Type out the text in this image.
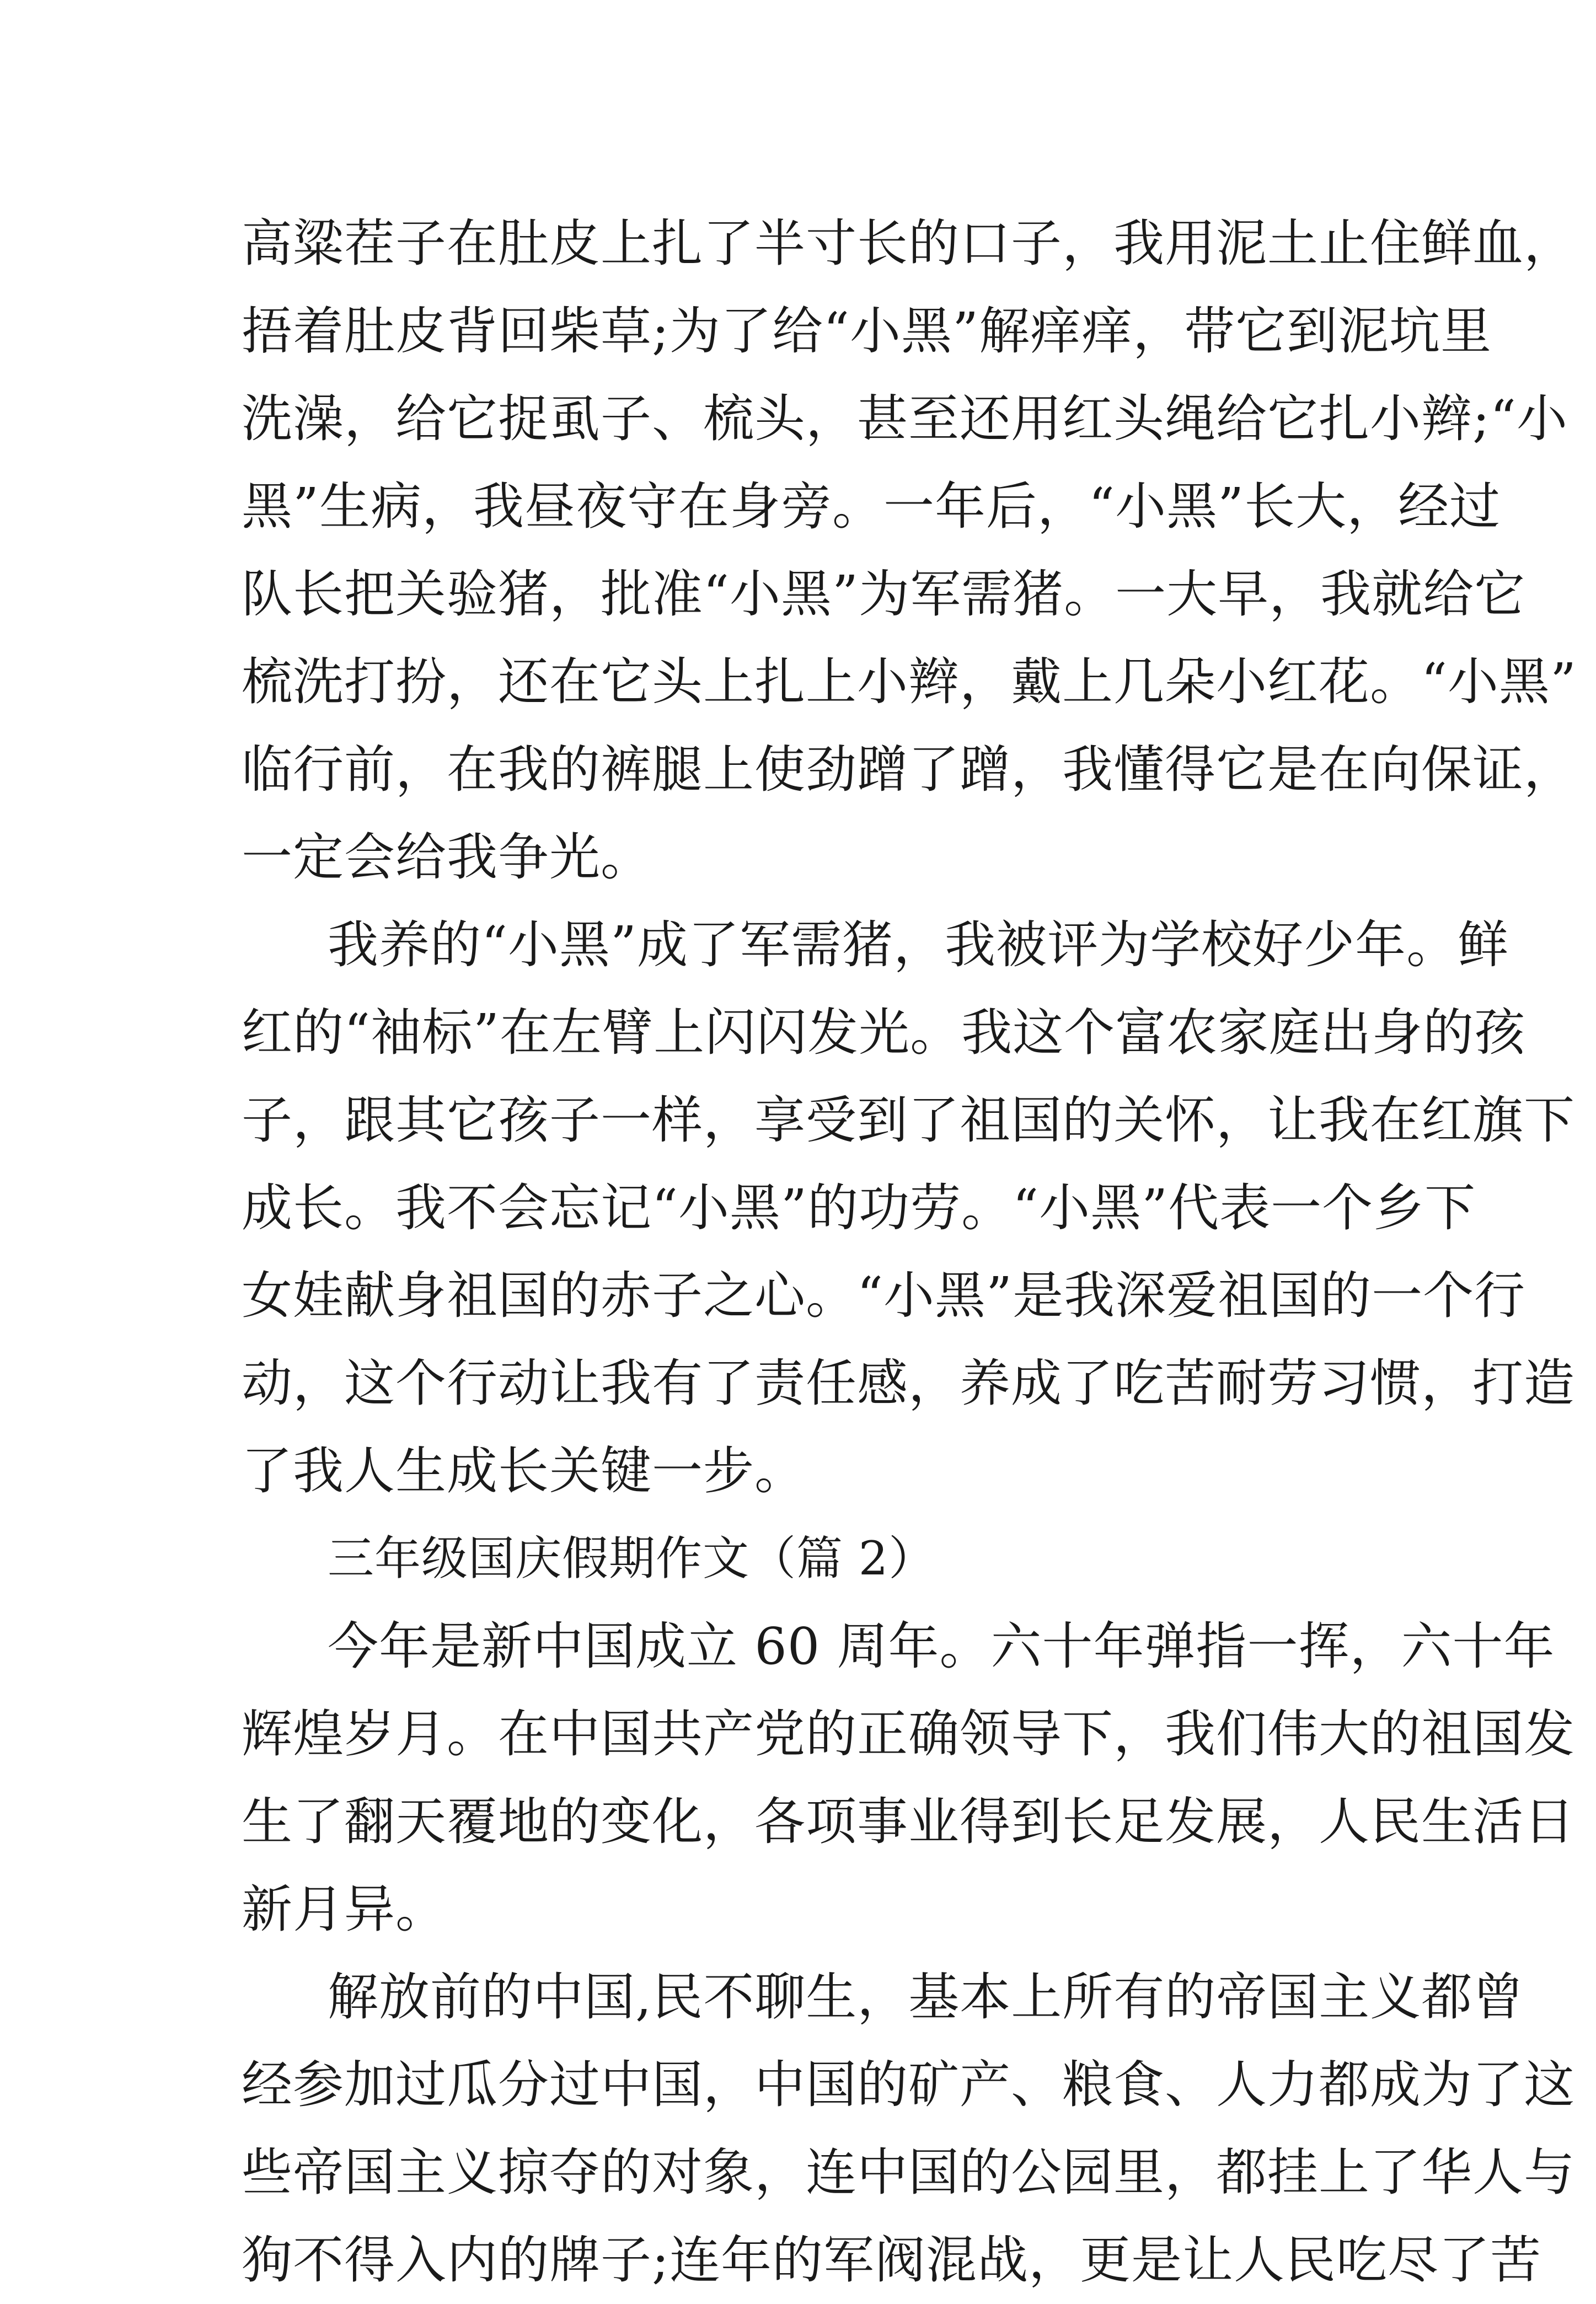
高粱茬子在肚皮上扎了半寸长的口子，我用泥土止住鲜血，
捂着肚皮背回柴草;为了给“小黑”解痒痒，带它到泥坑里
洗澡，给它捉虱子、梳头，甚至还用红头绳给它扎小辫;“小
黑”生病，我昼夜守在身旁。一年后，“小黑”长大，经过
队长把关验猪，批准“小黑”为军需猪。一大早，我就给它
梳洗打扮，还在它头上扎上小辫，戴上几朵小红花。“小黑”
临行前，在我的裤腿上使劲蹭了蹭，我懂得它是在向保证，
一定会给我争光。
我养的“小黑”成了军需猪，我被评为学校好少年。鲜
红的“袖标”在左臂上闪闪发光。我这个富农家庭出身的孩
子，跟其它孩子一样，享受到了祖国的关怀，让我在红旗下
成长。我不会忘记“小黑”的功劳。“小黑”代表一个乡下
女娃献身祖国的赤子之心。“小黑”是我深爱祖国的一个行
动，这个行动让我有了责任感，养成了吃苦耐劳习惯，打造
了我人生成长关键一步。
三年级国庆假期作文（篇 2）
今年是新中国成立 60 周年。六十年弹指一挥，六十年
辉煌岁月。在中国共产党的正确领导下，我们伟大的祖国发
生了翻天覆地的变化，各项事业得到长足发展，人民生活日
新月异。
解放前的中国,民不聊生，基本上所有的帝国主义都曾
经参加过瓜分过中国，中国的矿产、粮食、人力都成为了这
些帝国主义掠夺的对象，连中国的公园里，都挂上了华人与
狗不得入内的牌子;连年的军阀混战，更是让人民吃尽了苦
